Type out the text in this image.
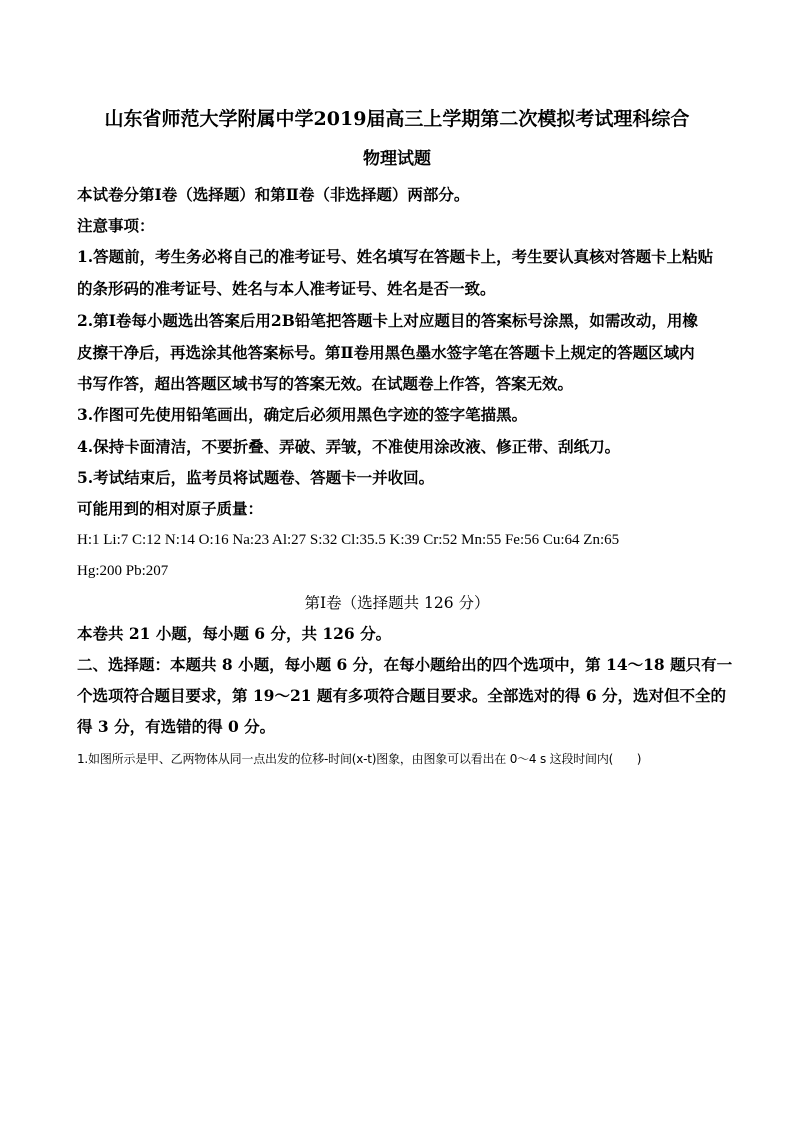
山东省师范大学附属中学2019届高三上学期第二次模拟考试理科综合
物理试题
本试卷分第Ⅰ卷（选择题）和第Ⅱ卷（非选择题）两部分。
注意事项：
1.答题前，考生务必将自己的准考证号、姓名填写在答题卡上，考生要认真核对答题卡上粘贴
的条形码的准考证号、姓名与本人准考证号、姓名是否一致。
2.第Ⅰ卷每小题选出答案后用2B铅笔把答题卡上对应题目的答案标号涂黑，如需改动，用橡
皮擦干净后，再选涂其他答案标号。第Ⅱ卷用黑色墨水签字笔在答题卡上规定的答题区域内
书写作答，超出答题区域书写的答案无效。在试题卷上作答，答案无效。
3.作图可先使用铅笔画出，确定后必须用黑色字迹的签字笔描黑。
4.保持卡面清洁，不要折叠、弄破、弄皱，不准使用涂改液、修正带、刮纸刀。
5.考试结束后，监考员将试题卷、答题卡一并收回。
可能用到的相对原子质量：
H:1 Li:7 C:12 N:14 O:16 Na:23 Al:27 S:32 Cl:35.5 K:39 Cr:52 Mn:55 Fe:56 Cu:64 Zn:65
Hg:200 Pb:207
第Ⅰ卷（选择题共 126 分）
本卷共 21 小题，每小题 6 分，共 126 分。
二、选择题：本题共 8 小题，每小题 6 分，在每小题给出的四个选项中，第 14～18 题只有一
个选项符合题目要求，第 19～21 题有多项符合题目要求。全部选对的得 6 分，选对但不全的
得 3 分，有选错的得 0 分。
1.如图所示是甲、乙两物体从同一点出发的位移-时间(x-t)图象，由图象可以看出在 0～4 s 这段时间内(　　)
